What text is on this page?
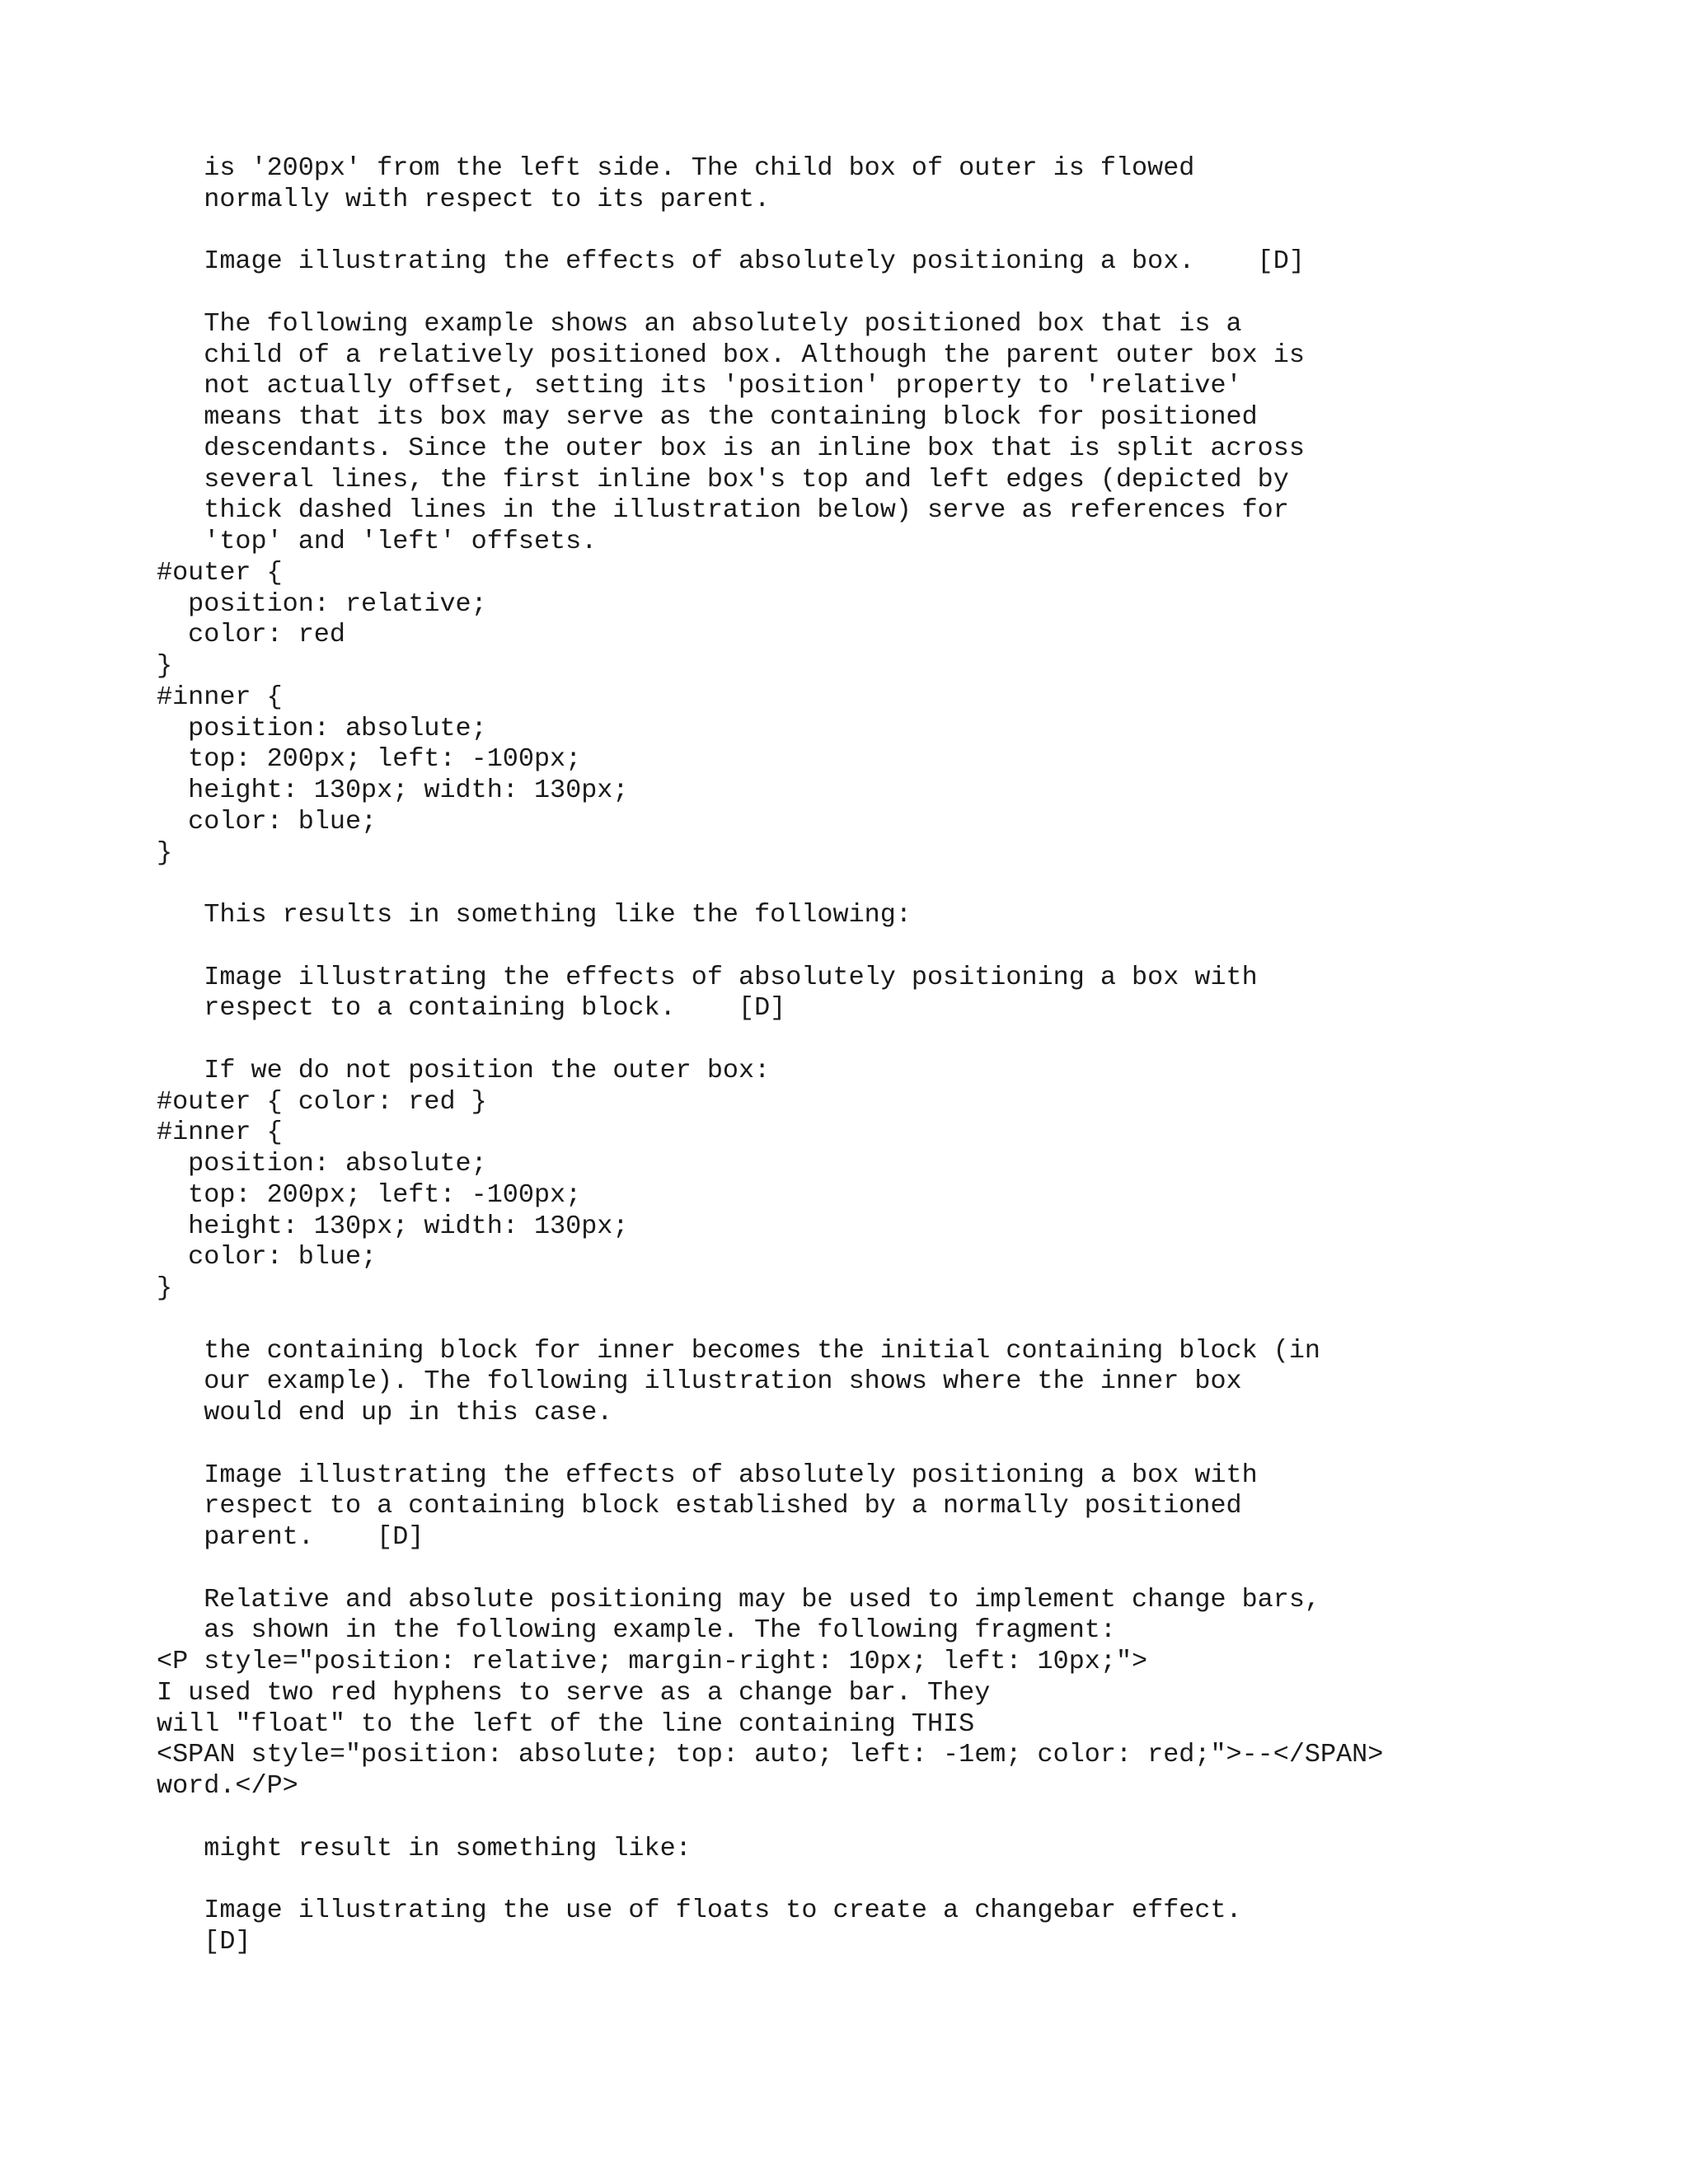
is '200px' from the left side. The child box of outer is flowed
normally with respect to its parent.
Image illustrating the effects of absolutely positioning a box.    [D]
The following example shows an absolutely positioned box that is a
child of a relatively positioned box. Although the parent outer box is
not actually offset, setting its 'position' property to 'relative'
means that its box may serve as the containing block for positioned
descendants. Since the outer box is an inline box that is split across
several lines, the first inline box's top and left edges (depicted by
thick dashed lines in the illustration below) serve as references for
'top' and 'left' offsets.
#outer {
position: relative;
color: red
}
#inner {
position: absolute;
top: 200px; left: -100px;
height: 130px; width: 130px;
color: blue;
}
This results in something like the following:
Image illustrating the effects of absolutely positioning a box with
respect to a containing block.    [D]
If we do not position the outer box:
#outer { color: red }
#inner {
position: absolute;
top: 200px; left: -100px;
height: 130px; width: 130px;
color: blue;
}
the containing block for inner becomes the initial containing block (in
our example). The following illustration shows where the inner box
would end up in this case.
Image illustrating the effects of absolutely positioning a box with
respect to a containing block established by a normally positioned
parent.    [D]
Relative and absolute positioning may be used to implement change bars,
as shown in the following example. The following fragment:
<P style="position: relative; margin-right: 10px; left: 10px;">
I used two red hyphens to serve as a change bar. They
will "float" to the left of the line containing THIS
<SPAN style="position: absolute; top: auto; left: -1em; color: red;">--</SPAN>
word.</P>
might result in something like:
Image illustrating the use of floats to create a changebar effect.
[D]
